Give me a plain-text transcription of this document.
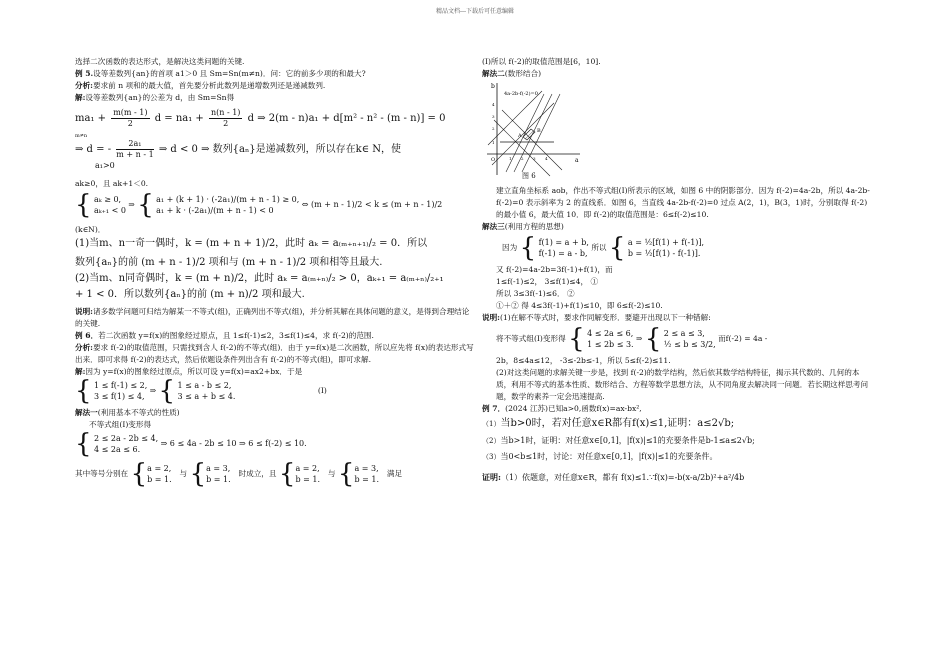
精品文档---下载后可任意编辑
选择二次函数的表达形式，是解决这类问题的关键.
例 5.设等差数列{an}的首项 a1＞0 且 Sm=Sn(m≠n)．问：它的前多少项的和最大?
分析:要求前 n 项和的最大值，首先要分析此数列是递增数列还是递减数列.
解:设等差数列{an}的公差为 d，由 Sm=Sn得
$ma_1 + \frac{m(m - 1)}{2}$ $d = na_1 + \frac{n(n - 1)}{2}$ d ⇒ 2(m - n)a₁ + d[m² - n² - (m - n)] = 0
m≠n
⇒ d = - $\frac{\text{2a₁}}{m + n - 1}$ ⇒ d < 0 ⇒ 数列{aₙ}是递减数列，所以存在k∈ N，使
a₁>0
ak≥0，且 ak+1＜0.
{ aₖ ≥ 0,
aₖ₊₁ < 0
⇒ { a₁ + (k + 1) · (-2a₁)/(m + n - 1) ≥ 0,
a₁ + k · (-2a₁)/(m + n - 1) < 0
⇔ (m + n - 1)/2 < k ≤ (m + n - 1)/2
(k∈N)．
(1)当m、n一奇一偶时，k = (m + n + 1)/2，此时 aₖ = a₍ₘ₊ₙ₊₁₎/₂ = 0．所以
数列{aₙ}的前 (m + n - 1)/2 项和与 (m + n - 1)/2 项和相等且最大.
(2)当m、n同奇偶时，k = (m + n)/2，此时 aₖ = a₍ₘ₊ₙ₎/₂ > 0，aₖ₊₁ = a₍ₘ₊ₙ₎/₂₊₁
+ 1 < 0．所以数列{aₙ}的前 (m + n)/2 项和最大.
说明:诸多数学问题可归结为解某一不等式(组)，正确列出不等式(组)，并分析其解在具体问题的意义，是得到合理结论的关键.
例 6．若二次函数 y=f(x)的图象经过原点，且 1≤f(-1)≤2，3≤f(1)≤4，求 f(-2)的范围.
分析:要求 f(-2)的取值范围，只需找到含人 f(-2)的不等式(组)．由于 y=f(x)是二次函数，所以应先将 f(x)的表达形式写出来．即可求得 f(-2)的表达式，然后依题设条件列出含有 f(-2)的不等式(组)，即可求解.
解:因为 y=f(x)的图象经过原点，所以可设 y=f(x)=ax2+bx．于是
{ 1 ≤ f(-1) ≤ 2,
3 ≤ f(1) ≤ 4,
⇒ { 1 ≤ a - b ≤ 2,
3 ≤ a + b ≤ 4.
(Ⅰ)
解法一(利用基本不等式的性质)
不等式组(Ⅰ)变形得
{ 2 ≤ 2a - 2b ≤ 4,
4 ≤ 2a ≤ 6.
⇒ 6 ≤ 4a - 2b ≤ 10 ⇒ 6 ≤ f(-2) ≤ 10.
其中等号分别在 {a = 2, b = 1. 与 {a = 3, b = 1. 时成立，且 {a = 2, b = 1. 与 {a = 3, b = 1. 满足
(Ⅰ)所以 f(-2)的取值范围是[6，10].
解法二(数形结合)
b
a
O
4a-2b-f(-2)=0
A
B
1
2
3
4
1 2 3 4
图 6
建立直角坐标系 aob，作出不等式组(Ⅰ)所表示的区域，如图 6 中的阴影部分．因为 f(-2)=4a-2b，所以 4a-2b-f(-2)=0 表示斜率为 2 的直线系．如图 6，当直线 4a-2b-f(-2)=0 过点 A(2，1)，B(3，1)时，分别取得 f(-2)的最小值 6，最大值 10．即 f(-2)的取值范围是：6≤f(-2)≤10.
解法三(利用方程的思想)
因为 { f(1) = a + b,
f(-1) = a - b,
所以 { a = ½[f(1) + f(-1)],
b = ½[f(1) - f(-1)].
又 f(-2)=4a-2b=3f(-1)+f(1)，而
1≤f(-1)≤2， 3≤f(1)≤4， ①
所以 3≤3f(-1)≤6． ②
①＋② 得 4≤3f(-1)+f(1)≤10，即 6≤f(-2)≤10.
说明:(1)在解不等式时，要求作同解变形．要避开出现以下一种错解:
将不等式组(Ⅰ)变形得 { 4 ≤ 2a ≤ 6,
1 ≤ 2b ≤ 3.
⇒ { 2 ≤ a ≤ 3,
½ ≤ b ≤ 3/2,
而f(-2) = 4a -
2b，8≤4a≤12， -3≤-2b≤-1，所以 5≤f(-2)≤11.
(2)对这类问题的求解关键一步是，找到 f(-2)的数学结构，然后依其数学结构特征，揭示其代数的、几何的本质，利用不等式的基本性质、数形结合、方程等数学思想方法，从不同角度去解决同一问题．若长期这样思考问题，数学的素养一定会迅速提高.
例 7．(2024 江苏)已知a>0,函数f(x)=ax-bx²,
（1）当b>0时，若对任意x∈R都有f(x)≤1,证明：a≤2√b;
（2）当b>1时，证明：对任意x∈[0,1]，|f(x)|≤1的充要条件是b-1≤a≤2√b;
（3）当0<b≤1时，讨论：对任意x∈[0,1]，|f(x)|≤1的充要条件。
证明:（1）依题意，对任意x∈R，都有 f(x)≤1.∵f(x)=-b(x-a/2b)²+a²/4b
